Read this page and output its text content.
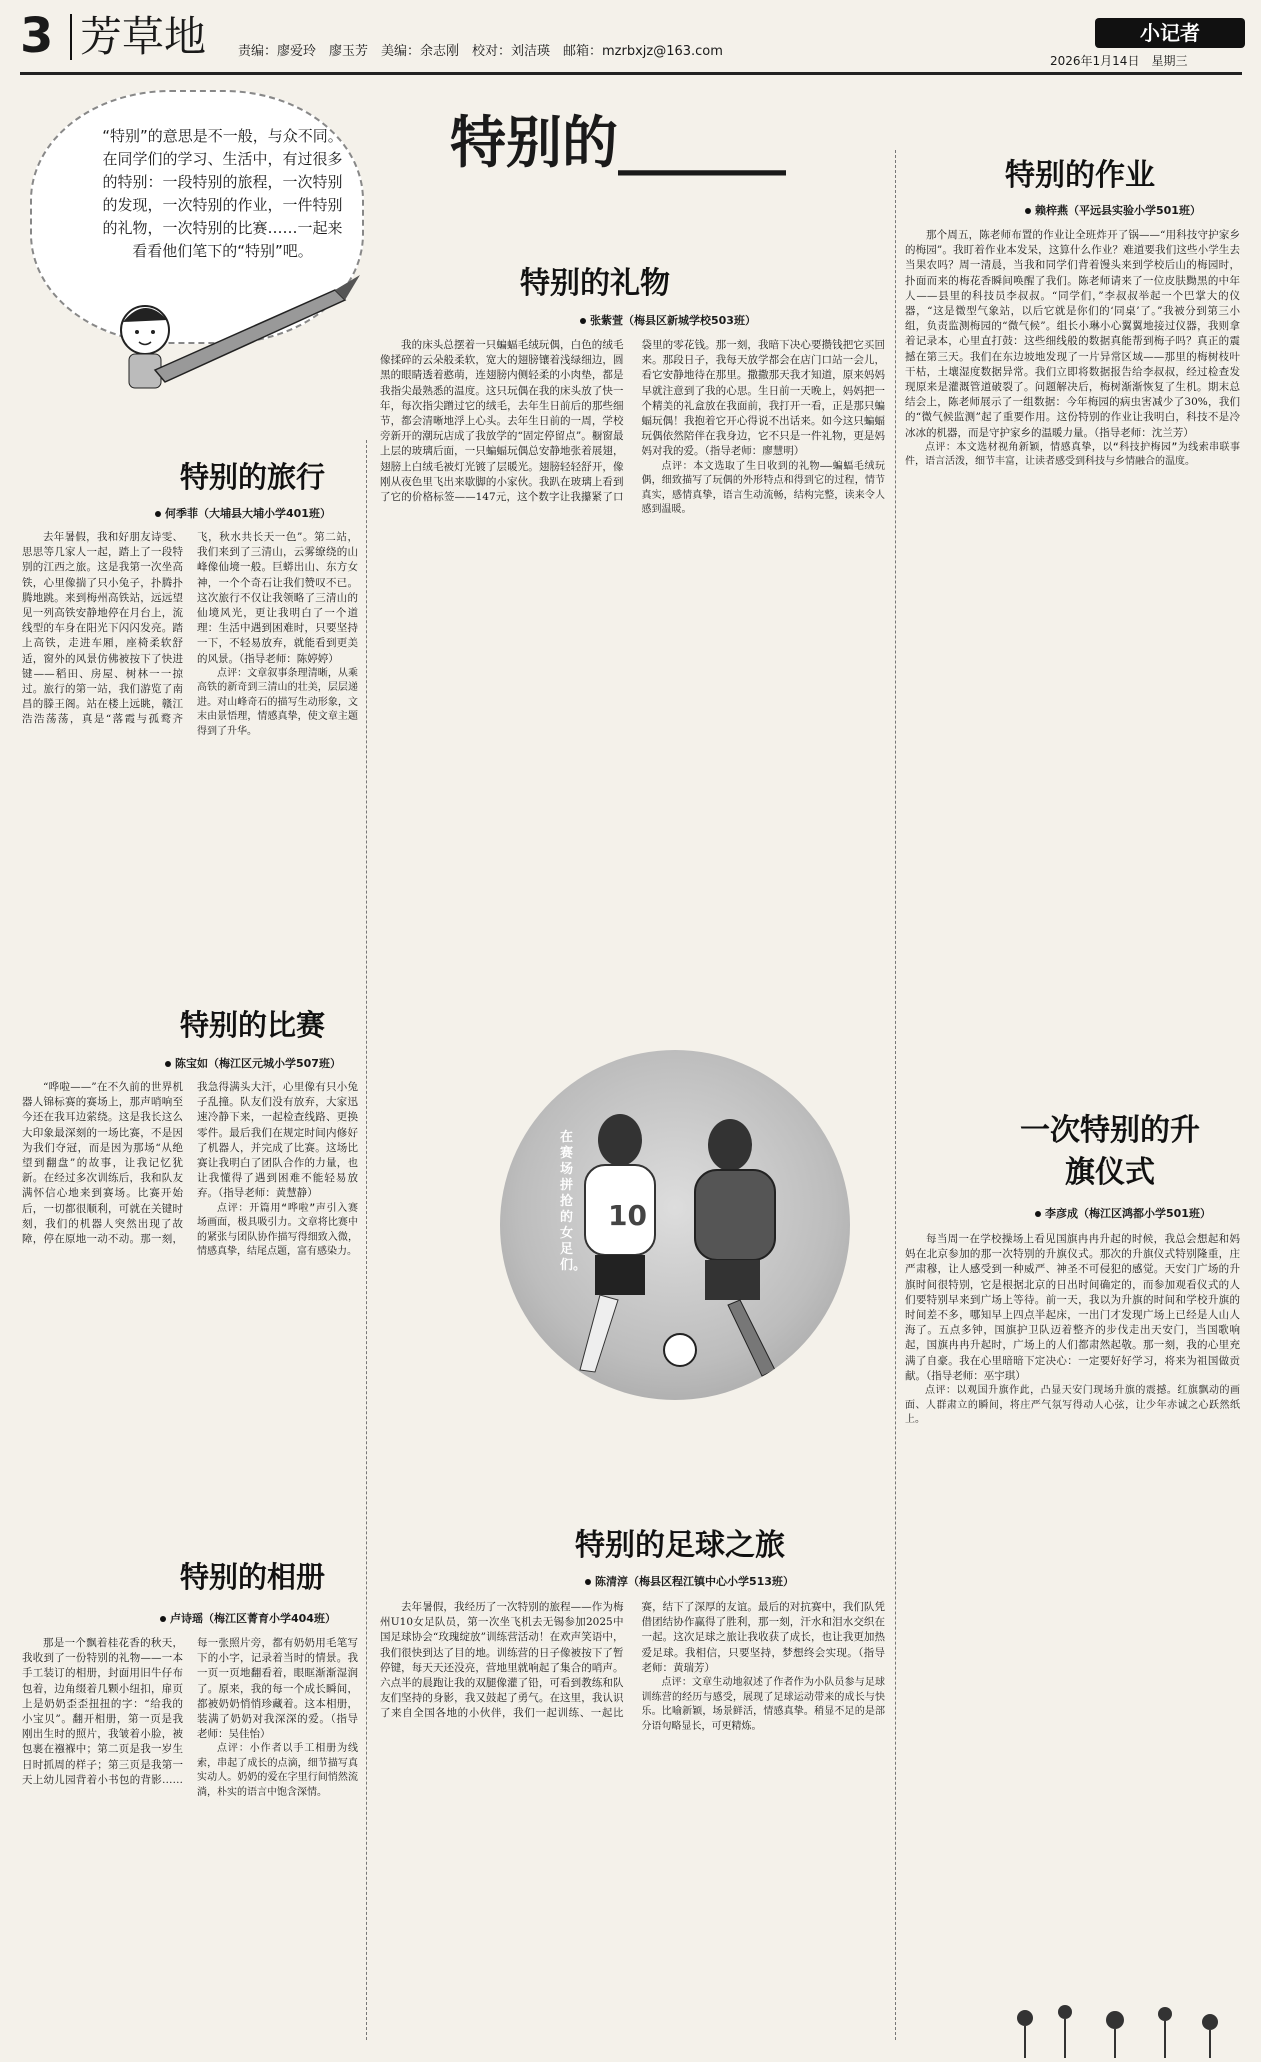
3 芳草地 责编：廖爱玲　廖玉芳　美编：余志刚　校对：刘洁瑛　邮箱：mzrbxjz@163.com
小记者
2026年1月14日　星期三
“特别”的意思是不一般，与众不同。在同学们的学习、生活中，有过很多的特别：一段特别的旅程，一次特别的发现，一次特别的作业，一件特别的礼物，一次特别的比赛……一起来看看他们笔下的“特别”吧。
特别的______
特别的礼物
张紫萱（梅县区新城学校503班）

我的床头总摆着一只蝙蝠毛绒玩偶，白色的绒毛像揉碎的云朵般柔软，宽大的翅膀镶着浅绿细边，圆黑的眼睛透着憨萌，连翅膀内侧轻柔的小肉垫，都是我指尖最熟悉的温度。这只玩偶在我的床头放了快一年，每次指尖蹭过它的绒毛，去年生日前后的那些细节，都会清晰地浮上心头。去年生日前的一周，学校旁新开的潮玩店成了我放学的“固定停留点”。橱窗最上层的玻璃后面，一只蝙蝠玩偶总安静地张着展翅，翅膀上白绒毛被灯光镀了层暖光。翅膀轻轻舒开，像刚从夜色里飞出来歇脚的小家伙。我趴在玻璃上看到了它的价格标签——147元，这个数字让我攥紧了口袋里的零花钱。那一刻，我暗下决心要攒钱把它买回来。那段日子，我每天放学都会在店门口站一会儿，看它安静地待在那里。撒撒那天我才知道，原来妈妈早就注意到了我的心思。生日前一天晚上，妈妈把一个精美的礼盒放在我面前，我打开一看，正是那只蝙蝠玩偶！我抱着它开心得说不出话来。如今这只蝙蝠玩偶依然陪伴在我身边，它不只是一件礼物，更是妈妈对我的爱。（指导老师：廖慧明）

点评：本文选取了生日收到的礼物——蝙蝠毛绒玩偶，细致描写了玩偶的外形特点和得到它的过程，情节真实，感情真挚，语言生动流畅，结构完整，读来令人感到温暖。

特别的旅行
何季菲（大埔县大埔小学401班）

去年暑假，我和好朋友诗雯、思思等几家人一起，踏上了一段特别的江西之旅。这是我第一次坐高铁，心里像揣了只小兔子，扑腾扑腾地跳。来到梅州高铁站，远远望见一列高铁安静地停在月台上，流线型的车身在阳光下闪闪发亮。踏上高铁，走进车厢，座椅柔软舒适，窗外的风景仿佛被按下了快进键——稻田、房屋、树林一一掠过。旅行的第一站，我们游览了南昌的滕王阁。站在楼上远眺，赣江浩浩荡荡，真是“落霞与孤鹜齐飞，秋水共长天一色”。第二站，我们来到了三清山，云雾缭绕的山峰像仙境一般。巨蟒出山、东方女神，一个个奇石让我们赞叹不已。这次旅行不仅让我领略了三清山的仙境风光，更让我明白了一个道理：生活中遇到困难时，只要坚持一下，不轻易放弃，就能看到更美的风景。（指导老师：陈婷婷）

点评：文章叙事条理清晰，从乘高铁的新奇到三清山的壮美，层层递进。对山峰奇石的描写生动形象，文末由景悟理，情感真挚，使文章主题得到了升华。

特别的比赛
陈宝如（梅江区元城小学507班）

“哗啦——”在不久前的世界机器人锦标赛的赛场上，那声哨响至今还在我耳边萦绕。这是我长这么大印象最深刻的一场比赛，不是因为我们夺冠，而是因为那场“从绝望到翻盘”的故事，让我记忆犹新。在经过多次训练后，我和队友满怀信心地来到赛场。比赛开始后，一切都很顺利，可就在关键时刻，我们的机器人突然出现了故障，停在原地一动不动。那一刻，我急得满头大汗，心里像有只小兔子乱撞。队友们没有放弃，大家迅速冷静下来，一起检查线路、更换零件。最后我们在规定时间内修好了机器人，并完成了比赛。这场比赛让我明白了团队合作的力量，也让我懂得了遇到困难不能轻易放弃。（指导老师：黄慧静）

点评：开篇用“哗啦”声引入赛场画面，极具吸引力。文章将比赛中的紧张与团队协作描写得细致入微，情感真挚，结尾点题，富有感染力。

特别的相册
卢诗瑶（梅江区菁育小学404班）

那是一个飘着桂花香的秋天，我收到了一份特别的礼物——一本手工装订的相册，封面用旧牛仔布包着，边角缀着几颗小纽扣，扉页上是奶奶歪歪扭扭的字：“给我的小宝贝”。翻开相册，第一页是我刚出生时的照片，我皱着小脸，被包裹在襁褓中；第二页是我一岁生日时抓周的样子；第三页是我第一天上幼儿园背着小书包的背影……每一张照片旁，都有奶奶用毛笔写下的小字，记录着当时的情景。我一页一页地翻看着，眼眶渐渐湿润了。原来，我的每一个成长瞬间，都被奶奶悄悄珍藏着。这本相册，装满了奶奶对我深深的爱。（指导老师：吴佳怡）

点评：小作者以手工相册为线索，串起了成长的点滴，细节描写真实动人。奶奶的爱在字里行间悄然流淌，朴实的语言中饱含深情。

10
在赛场拼抢的女足们。
特别的足球之旅
陈清淳（梅县区程江镇中心小学513班）

去年暑假，我经历了一次特别的旅程——作为梅州U10女足队员，第一次坐飞机去无锡参加2025中国足球协会“玫瑰绽放”训练营活动！在欢声笑语中，我们很快到达了目的地。训练营的日子像被按下了暂停键，每天天还没亮，营地里就响起了集合的哨声。六点半的晨跑让我的双腿像灌了铅，可看到教练和队友们坚持的身影，我又鼓起了勇气。在这里，我认识了来自全国各地的小伙伴，我们一起训练、一起比赛，结下了深厚的友谊。最后的对抗赛中，我们队凭借团结协作赢得了胜利，那一刻，汗水和泪水交织在一起。这次足球之旅让我收获了成长，也让我更加热爱足球。我相信，只要坚持，梦想终会实现。（指导老师：黄瑞芳）

点评：文章生动地叙述了作者作为小队员参与足球训练营的经历与感受，展现了足球运动带来的成长与快乐。比喻新颖，场景鲜活，情感真挚。稍显不足的是部分语句略显长，可更精炼。

特别的作业
赖梓燕（平远县实验小学501班）

那个周五，陈老师布置的作业让全班炸开了锅——“用科技守护家乡的梅园”。我盯着作业本发呆，这算什么作业？难道要我们这些小学生去当果农吗？周一清晨，当我和同学们背着馒头来到学校后山的梅园时，扑面而来的梅花香瞬间唤醒了我们。陈老师请来了一位皮肤黝黑的中年人——县里的科技员李叔叔。“同学们，”李叔叔举起一个巴掌大的仪器，“这是微型气象站，以后它就是你们的‘同桌’了。”我被分到第三小组，负责监测梅园的“微气候”。组长小琳小心翼翼地接过仪器，我则拿着记录本，心里直打鼓：这些细线般的数据真能帮到梅子吗？真正的震撼在第三天。我们在东边坡地发现了一片异常区域——那里的梅树枝叶干枯，土壤湿度数据异常。我们立即将数据报告给李叔叔，经过检查发现原来是灌溉管道破裂了。问题解决后，梅树渐渐恢复了生机。期末总结会上，陈老师展示了一组数据：今年梅园的病虫害减少了30%，我们的“微气候监测”起了重要作用。这份特别的作业让我明白，科技不是冷冰冰的机器，而是守护家乡的温暖力量。（指导老师：沈兰芳）

点评：本文选材视角新颖，情感真挚，以“科技护梅园”为线索串联事件，语言活泼，细节丰富，让读者感受到科技与乡情融合的温度。

一次特别的升旗仪式
李彦成（梅江区鸿都小学501班）

每当周一在学校操场上看见国旗冉冉升起的时候，我总会想起和妈妈在北京参加的那一次特别的升旗仪式。那次的升旗仪式特别隆重，庄严肃穆，让人感受到一种威严、神圣不可侵犯的感觉。天安门广场的升旗时间很特别，它是根据北京的日出时间确定的，而参加观看仪式的人们要特别早来到广场上等待。前一天，我以为升旗的时间和学校升旗的时间差不多，哪知早上四点半起床，一出门才发现广场上已经是人山人海了。五点多钟，国旗护卫队迈着整齐的步伐走出天安门，当国歌响起，国旗冉冉升起时，广场上的人们都肃然起敬。那一刻，我的心里充满了自豪。我在心里暗暗下定决心：一定要好好学习，将来为祖国做贡献。（指导老师：巫宇琪）

点评：以观国升旗作此，凸显天安门现场升旗的震撼。红旗飘动的画面、人群肃立的瞬间，将庄严气氛写得动人心弦，让少年赤诚之心跃然纸上。
